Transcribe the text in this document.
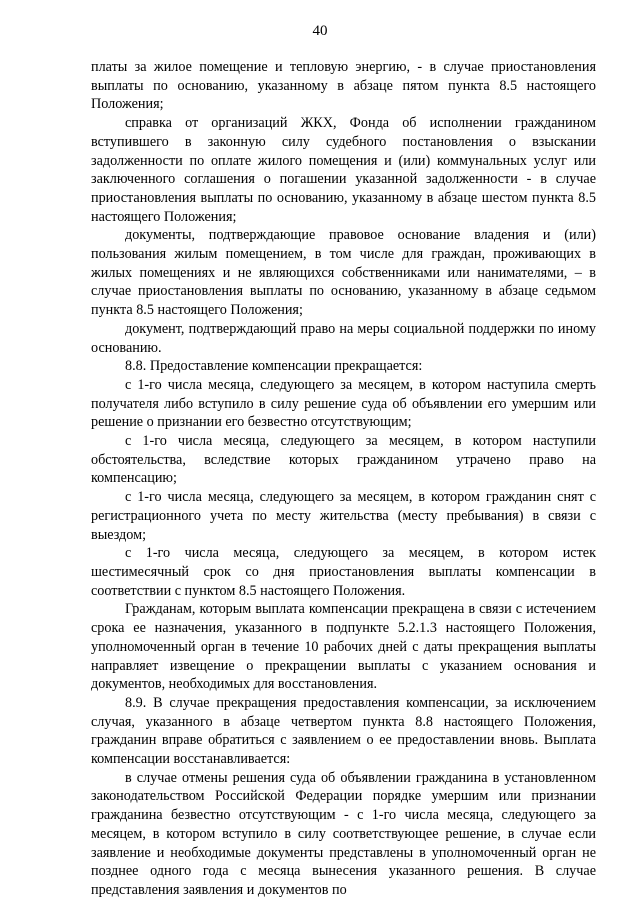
40

платы за жилое помещение и тепловую энергию, - в случае приостановления выплаты по основанию, указанному в абзаце пятом пункта 8.5 настоящего Положения;

справка от организаций ЖКХ, Фонда об исполнении гражданином вступившего в законную силу судебного постановления о взыскании задолженности по оплате жилого помещения и (или) коммунальных услуг или заключенного соглашения о погашении указанной задолженности - в случае приостановления выплаты по основанию, указанному в абзаце шестом пункта 8.5 настоящего Положения;

документы, подтверждающие правовое основание владения и (или) пользования жилым помещением, в том числе для граждан, проживающих в жилых помещениях и не являющихся собственниками или нанимателями, – в случае приостановления выплаты по основанию, указанному в абзаце седьмом пункта 8.5 настоящего Положения;

документ, подтверждающий право на меры социальной поддержки по иному основанию.

8.8. Предоставление компенсации прекращается:

с 1-го числа месяца, следующего за месяцем, в котором наступила смерть получателя либо вступило в силу решение суда об объявлении его умершим или решение о признании его безвестно отсутствующим;

с 1-го числа месяца, следующего за месяцем, в котором наступили обстоятельства, вследствие которых гражданином утрачено право на компенсацию;

с 1-го числа месяца, следующего за месяцем, в котором гражданин снят с регистрационного учета по месту жительства (месту пребывания) в связи с выездом;

с 1-го числа месяца, следующего за месяцем, в котором истек шестимесячный срок со дня приостановления выплаты компенсации в соответствии с пунктом 8.5 настоящего Положения.

Гражданам, которым выплата компенсации прекращена в связи с истечением срока ее назначения, указанного в подпункте 5.2.1.3 настоящего Положения, уполномоченный орган в течение 10 рабочих дней с даты прекращения выплаты направляет извещение о прекращении выплаты с указанием основания и документов, необходимых для восстановления.

8.9. В случае прекращения предоставления компенсации, за исключением случая, указанного в абзаце четвертом пункта 8.8 настоящего Положения, гражданин вправе обратиться с заявлением о ее предоставлении вновь. Выплата компенсации восстанавливается:

в случае отмены решения суда об объявлении гражданина в установленном законодательством Российской Федерации порядке умершим или признании гражданина безвестно отсутствующим - с 1-го числа месяца, следующего за месяцем, в котором вступило в силу соответствующее решение, в случае если заявление и необходимые документы представлены в уполномоченный орган не позднее одного года с месяца вынесения указанного решения. В случае представления заявления и документов по
